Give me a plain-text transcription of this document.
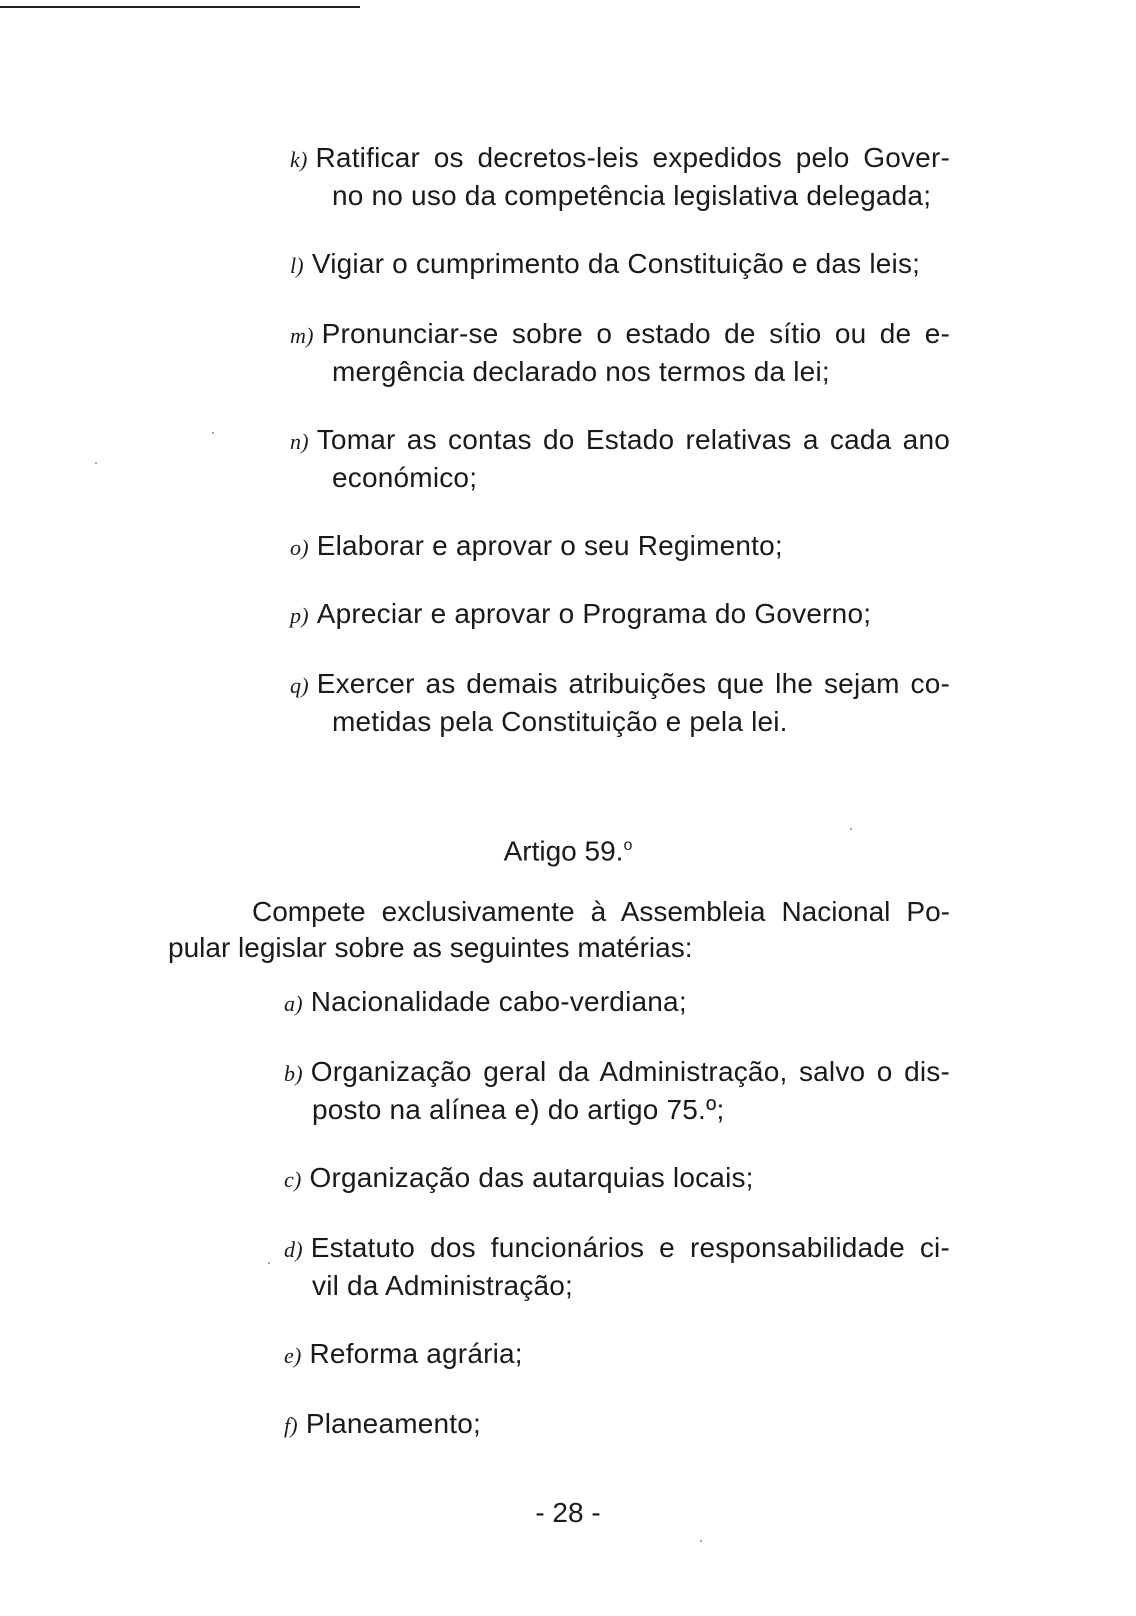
k) Ratificar os decretos-leis expedidos pelo Gover-
no no uso da competência legislativa delegada;
l) Vigiar o cumprimento da Constituição e das leis;
m) Pronunciar-se sobre o estado de sítio ou de e-
mergência declarado nos termos da lei;
n) Tomar as contas do Estado relativas a cada ano
económico;
o) Elaborar e aprovar o seu Regimento;
p) Apreciar e aprovar o Programa do Governo;
q) Exercer as demais atribuições que lhe sejam co-
metidas pela Constituição e pela lei.
Artigo 59.$^o$
Compete exclusivamente à Assembleia Nacional Po-
pular legislar sobre as seguintes matérias:
a) Nacionalidade cabo-verdiana;
b) Organização geral da Administração, salvo o dis-
posto na alínea e) do artigo 75.º;
c) Organização das autarquias locais;
d) Estatuto dos funcionários e responsabilidade ci-
vil da Administração;
e) Reforma agrária;
f) Planeamento;
- 28 -
